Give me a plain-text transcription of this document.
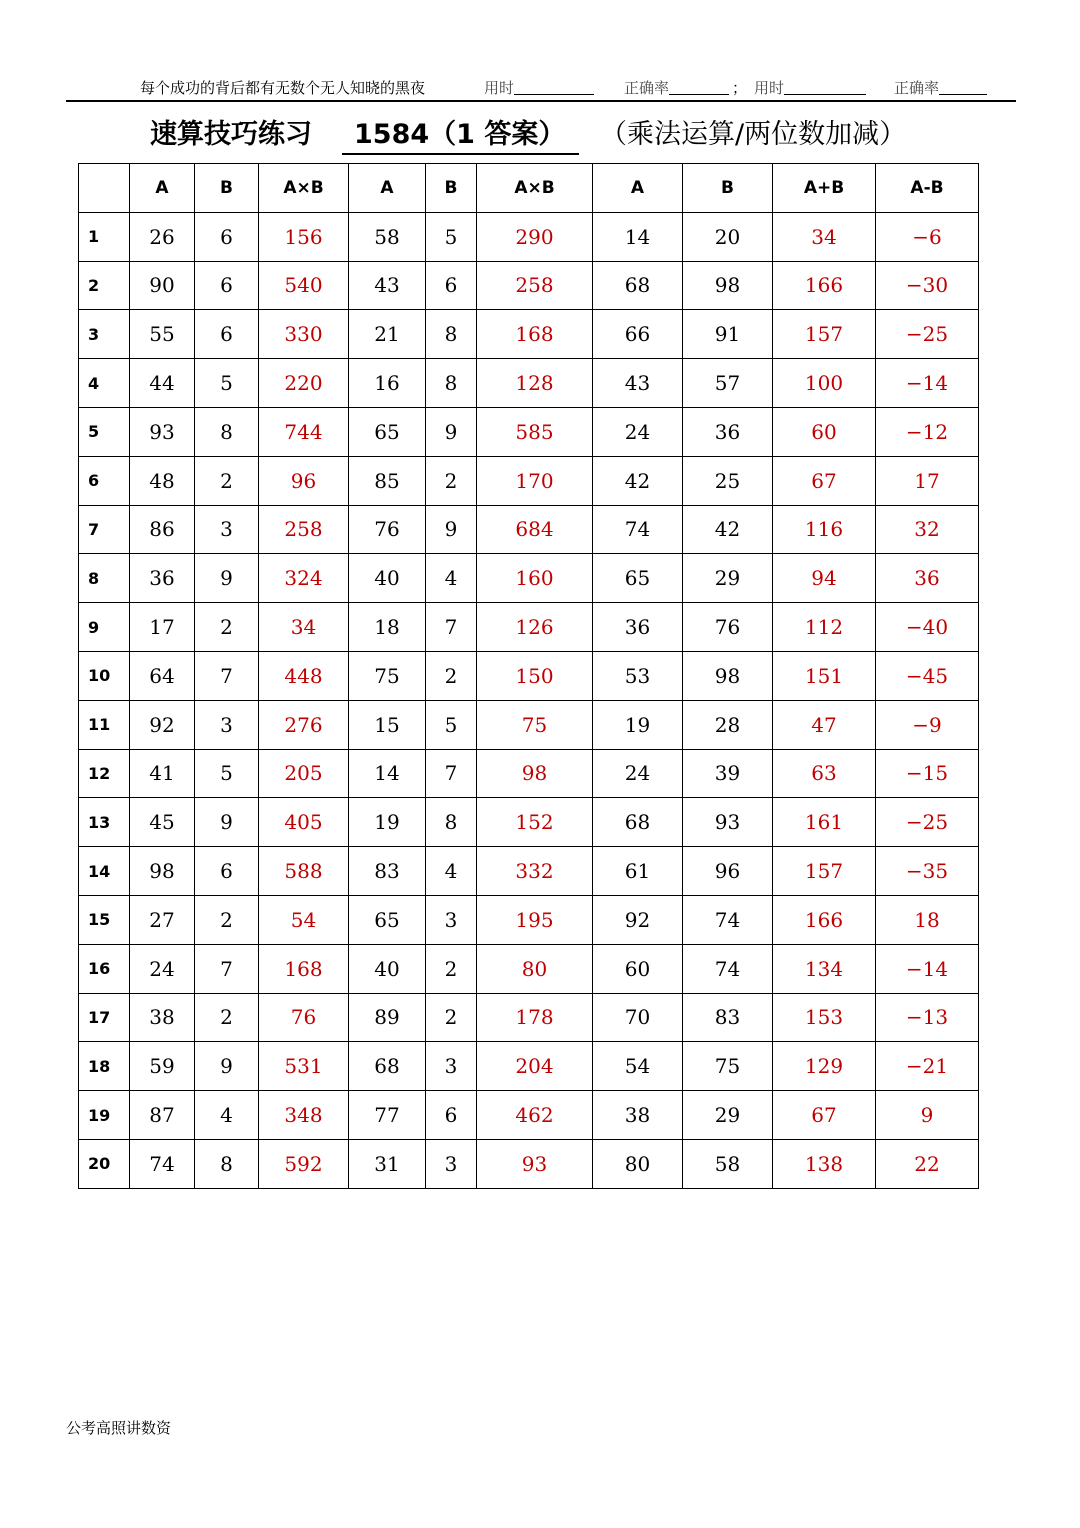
每个成功的背后都有无数个无人知晓的黑夜	用时	正确率	； 用时	正确率
速算技巧练习	1584（1 答案）	（乘法运算/两位数加减）
	A	B	A×B	A	B	A×B	A	B	A+B	A-B
1	26	6	156	58	5	290	14	20	34	−6
2	90	6	540	43	6	258	68	98	166	−30
3	55	6	330	21	8	168	66	91	157	−25
4	44	5	220	16	8	128	43	57	100	−14
5	93	8	744	65	9	585	24	36	60	−12
6	48	2	96	85	2	170	42	25	67	17
7	86	3	258	76	9	684	74	42	116	32
8	36	9	324	40	4	160	65	29	94	36
9	17	2	34	18	7	126	36	76	112	−40
10	64	7	448	75	2	150	53	98	151	−45
11	92	3	276	15	5	75	19	28	47	−9
12	41	5	205	14	7	98	24	39	63	−15
13	45	9	405	19	8	152	68	93	161	−25
14	98	6	588	83	4	332	61	96	157	−35
15	27	2	54	65	3	195	92	74	166	18
16	24	7	168	40	2	80	60	74	134	−14
17	38	2	76	89	2	178	70	83	153	−13
18	59	9	531	68	3	204	54	75	129	−21
19	87	4	348	77	6	462	38	29	67	9
20	74	8	592	31	3	93	80	58	138	22
公考高照讲数资
